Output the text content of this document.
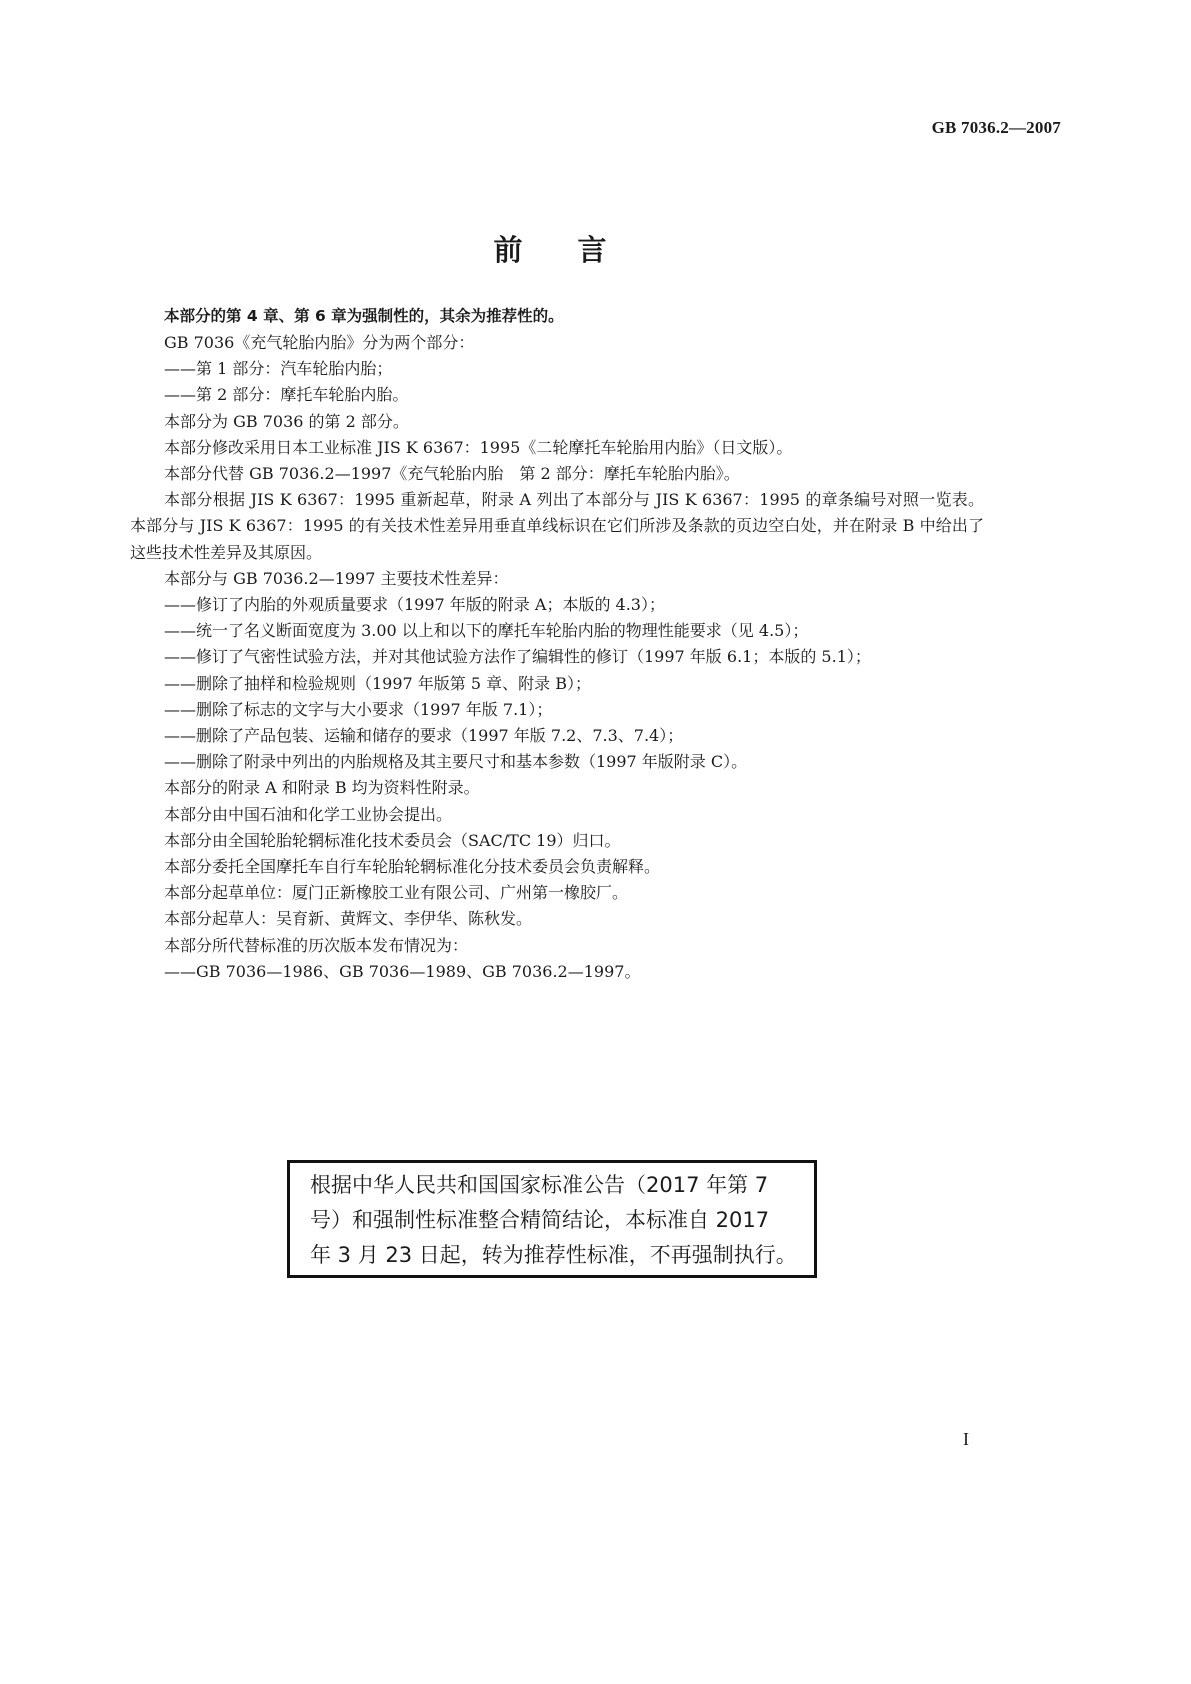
GB 7036.2—2007
前言

本部分的第 4 章、第 6 章为强制性的，其余为推荐性的。

GB 7036《充气轮胎内胎》分为两个部分：

——第 1 部分：汽车轮胎内胎；

——第 2 部分：摩托车轮胎内胎。

本部分为 GB 7036 的第 2 部分。

本部分修改采用日本工业标准 JIS K 6367：1995《二轮摩托车轮胎用内胎》（日文版）。

本部分代替 GB 7036.2—1997《充气轮胎内胎　第 2 部分：摩托车轮胎内胎》。

本部分根据 JIS K 6367：1995 重新起草，附录 A 列出了本部分与 JIS K 6367：1995 的章条编号对照一览表。本部分与 JIS K 6367：1995 的有关技术性差异用垂直单线标识在它们所涉及条款的页边空白处，并在附录 B 中给出了这些技术性差异及其原因。

本部分与 GB 7036.2—1997 主要技术性差异：

——修订了内胎的外观质量要求（1997 年版的附录 A；本版的 4.3）；

——统一了名义断面宽度为 3.00 以上和以下的摩托车轮胎内胎的物理性能要求（见 4.5）；

——修订了气密性试验方法，并对其他试验方法作了编辑性的修订（1997 年版 6.1；本版的 5.1）；

——删除了抽样和检验规则（1997 年版第 5 章、附录 B）；

——删除了标志的文字与大小要求（1997 年版 7.1）；

——删除了产品包装、运输和储存的要求（1997 年版 7.2、7.3、7.4）；

——删除了附录中列出的内胎规格及其主要尺寸和基本参数（1997 年版附录 C）。

本部分的附录 A 和附录 B 均为资料性附录。

本部分由中国石油和化学工业协会提出。

本部分由全国轮胎轮辋标准化技术委员会（SAC/TC 19）归口。

本部分委托全国摩托车自行车轮胎轮辋标准化分技术委员会负责解释。

本部分起草单位：厦门正新橡胶工业有限公司、广州第一橡胶厂。

本部分起草人：吴育新、黄辉文、李伊华、陈秋发。

本部分所代替标准的历次版本发布情况为：

——GB 7036—1986、GB 7036—1989、GB 7036.2—1997。

根据中华人民共和国国家标准公告（2017 年第 7
号）和强制性标准整合精简结论，本标准自 2017
年 3 月 23 日起，转为推荐性标准，不再强制执行。
I
